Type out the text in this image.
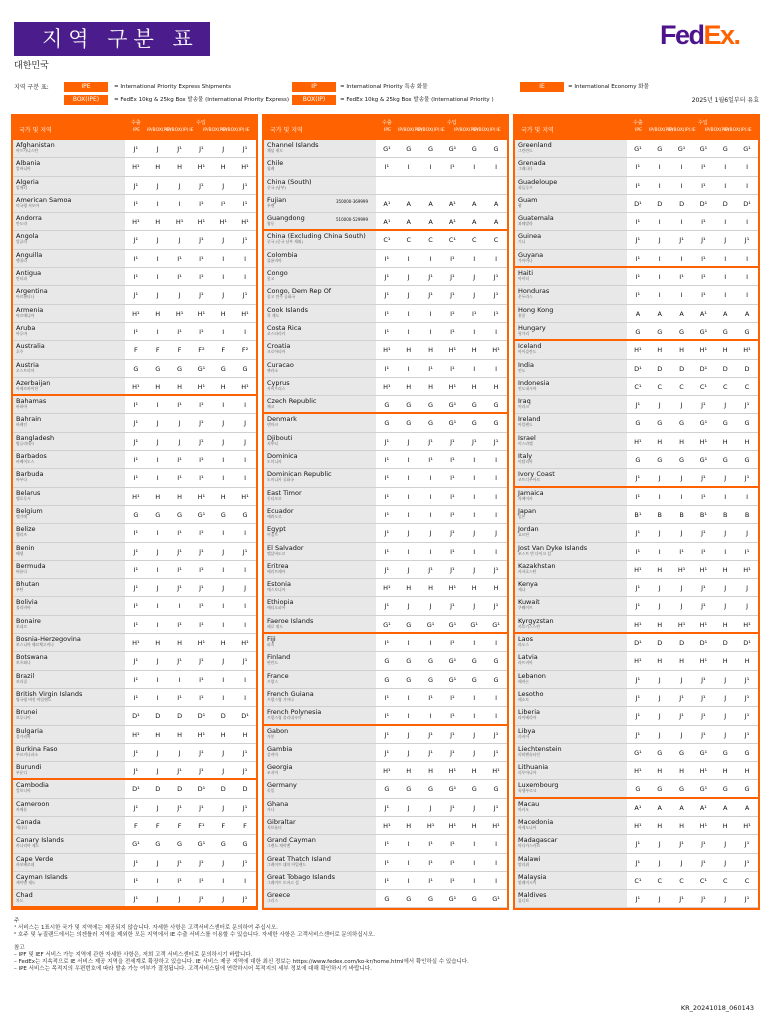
지역 구분 표	FedEx.
대한민국
지역 구분 표:	IPE	= International Priority Express Shipments
BOX(IPE)	= FedEx 10kg & 25kg Box 발송물 (International Priority Express)
IP	= International Priority 특송 화물
BOX(IP)	= FedEx 10kg & 25kg Box 발송물 (International Priority )
IE	= International Economy 화물
2025년 1월6일부터 유효
국가 및 지역
수출	수입
IPE	IP/BOX(PE)
IP/BOX(IP) IE	IP/BOX(PE)
IP/BOX(IP) IE
Afghanistan
아프가니스탄	J¹	J	J¹	J¹	J	J¹
Albania
알바니아	H¹	H	H	H¹	H	H¹
Algeria
알제리	J¹	J	J	J¹	J	J¹
American Samoa
미국령 사모아	I¹	I	I	I¹	I¹	I¹
Andorra
안도라	H¹	H	H¹	H¹	H¹	H¹
Angola
앙골라	J¹	J	J	J¹	J	J¹
Anguilla
앵귈라	I¹	I	I¹	I¹	I	I
Antigua
안티과	I¹	I	I¹	I¹	I	I
Argentina
아르헨티나	J¹	J	J	J¹	J	J¹
Armenia
아르메니아	H¹	H	H¹	H¹	H	H¹
Aruba
아루바	I¹	I	I¹	I¹	I	I
Australia
호주	F	F	F	F²	F	F²
Austria
오스트리아	G	G	G	G¹	G	G
Azerbaijan
아제르바이잔	H¹	H	H	H¹	H	H¹
Bahamas
바하마	I¹	I	I¹	I¹	I	I
Bahrain
바레인	J¹	J	J	J¹	J	J
Bangladesh
방글라데시	J¹	J	J	J¹	J	J
Barbados
바베이도스	I¹	I	I¹	I¹	I	I
Barbuda
바부다	I¹	I	I¹	I¹	I	I
Belarus
벨로루시	H¹	H	H	H¹	H	H¹
Belgium
벨기에	G	G	G	G¹	G	G
Belize
벨리즈	I¹	I	I¹	I¹	I	I
Benin
베냉	J¹	J	J¹	J¹	J	J¹
Bermuda
버뮤다	I¹	I	I¹	I¹	I	I
Bhutan
부탄	J¹	J	J¹	J¹	J	J
Bolivia
볼리비아	I¹	I	I	I¹	I	I
Bonaire
보네르	I¹	I	I¹	I¹	I	I
Bosnia-Herzegovina
보스니아 헤르체고비나	H¹	H	H	H¹	H	H¹
Botswana
보츠와나	J¹	J	J¹	J¹	J	J¹
Brazil
브라질	I¹	I	I	I¹	I	I
British Virgin Islands
영국령 버진 아일랜드	I¹	I	I¹	I¹	I	I
Brunei
브루나이	D¹	D	D	D¹	D	D¹
Bulgaria
불가리아	H¹	H	H	H¹	H	H
Burkina Faso
부르키나파소	J¹	J	J	J¹	J	J¹
Burundi
부룬디	J¹	J	J¹	J¹	J	J¹
Cambodia
캄보디아	D¹	D	D	D¹	D	D
Cameroon
카메룬	J¹	J	J¹	J¹	J	J¹
Canada
캐나다	F	F	F	F¹	F	F
Canary Islands
카나리아 제도	G¹	G	G	G¹	G	G
Cape Verde
카보베르데	J¹	J	J¹	J¹	J	J¹
Cayman Islands
케이맨 제도	I¹	I	I¹	I¹	I	I
Chad
차드	J¹	J	J	J¹	J	J¹
국가 및 지역
수출	수입
IPE	IP/BOX(PE)
IP/BOX(IP) IE	IP/BOX(PE)
IP/BOX(IP) IE
Channel Islands
채널 제도	G¹	G	G	G¹	G	G
Chile
칠레	I¹	I	I	I¹	I	I
China (South)
중국 (남부)
Fujian
푸젠
350000-369999	A¹	A	A	A¹	A	A
Guangdong
광동
510000-529999	A¹	A	A	A¹	A	A
China (Excluding China South)
중국 (중국 남부 제외)	C¹	C	C	C¹	C	C
Colombia
콜롬비아	I¹	I	I	I¹	I	I
Congo
콩고	J¹	J	J¹	J¹	J	J¹
Congo, Dem Rep Of
콩고 민주 공화국	J¹	J	J¹	J¹	J	J¹
Cook Islands
쿡 제도	I¹	I	I	I¹	I¹	I¹
Costa Rica
코스타리카	I¹	I	I	I¹	I	I
Croatia
크로아티아	H¹	H	H	H¹	H	H¹
Curacao
퀴라소	I¹	I	I¹	I¹	I	I
Cyprus
사이프러스	H¹	H	H	H¹	H	H
Czech Republic
체코	G	G	G	G¹	G	G
Denmark
덴마크	G	G	G	G¹	G	G
Djibouti
지부티	J¹	J	J¹	J¹	J¹	J¹
Dominica
도미니카	I¹	I	I¹	I¹	I	I
Dominican Republic
도미니카 공화국	I¹	I	I	I¹	I	I
East Timor
동티모르	I¹	I	I	I¹	I	I
Ecuador
에콰도르	I¹	I	I	I¹	I	I
Egypt
이집트	J¹	J	J	J¹	J	J
El Salvador
엘살바도르	I¹	I	I	I¹	I	I
Eritrea
에리트레아	J¹	J	J¹	J¹	J	J¹
Estonia
에스토니아	H¹	H	H	H¹	H	H
Ethiopia
에티오피아	J¹	J	J	J¹	J	J¹
Faeroe Islands
페로 제도	G¹	G	G¹	G¹	G¹	G¹
Fiji
피지	I¹	I	I	I¹	I	I
Finland
핀란드	G	G	G	G¹	G	G
France
프랑스	G	G	G	G¹	G	G
French Guiana
프랑스령 기아나	I¹	I	I¹	I¹	I	I
French Polynesia
프랑스령 폴리네시아	I¹	I	I	I¹	I	I
Gabon
가봉	J¹	J	J¹	J¹	J	J¹
Gambia
감비아	J¹	J	J¹	J¹	J	J¹
Georgia
조지아	H¹	H	H	H¹	H	H¹
Germany
독일	G	G	G	G¹	G	G
Ghana
가나	J¹	J	J	J¹	J	J¹
Gibraltar
지브롤터	H¹	H	H¹	H¹	H	H¹
Grand Cayman
그랜드 케이맨	I¹	I	I¹	I¹	I	I
Great Thatch Island
그레이트 대치 아일랜드	I¹	I	I¹	I¹	I	I
Great Tobago Islands
그레이트 토바고 섬	I¹	I	I¹	I¹	I	I
Greece
그리스	G	G	G	G¹	G	G¹
국가 및 지역
수출	수입
IPE	IP/BOX(PE)
IP/BOX(IP) IE	IP/BOX(PE)
IP/BOX(IP) IE
Greenland
그린란드	G¹	G	G¹	G¹	G	G¹
Grenada
그레나다	I¹	I	I	I¹	I	I
Guadeloupe
과들루프	I¹	I	I	I¹	I	I
Guam
괌	D¹	D	D	D¹	D	D¹
Guatemala
과테말라	I¹	I	I	I¹	I	I
Guinea
기니	J¹	J	J¹	J¹	J	J¹
Guyana
가이아나	I¹	I	I	I¹	I	I
Haiti
아이티	I¹	I	I¹	I¹	I	I
Honduras
온두라스	I¹	I	I	I¹	I	I
Hong Kong
홍콩	A	A	A	A¹	A	A
Hungary
헝가리	G	G	G	G¹	G	G
Iceland
아이슬란드	H¹	H	H	H¹	H	H¹
India
인도	D¹	D	D	D¹	D	D
Indonesia
인도네시아	C¹	C	C	C¹	C	C
Iraq
이라크	J¹	J	J	J¹	J	J¹
Ireland
아일랜드	G	G	G	G¹	G	G
Israel
이스라엘	H¹	H	H	H¹	H	H
Italy
이탈리아	G	G	G	G¹	G	G
Ivory Coast
코트디부아르	J¹	J	J	J¹	J	J¹
Jamaica
자메이카	I¹	I	I	I¹	I	I
Japan
일본	B¹	B	B	B¹	B	B
Jordan
요르단	J¹	J	J	J¹	J	J
Jost Van Dyke Islands
조스트 반 다이크 섬	I¹	I	I¹	I¹	I	I¹
Kazakhstan
카자흐스탄	H¹	H	H¹	H¹	H	H¹
Kenya
케냐	J¹	J	J	J¹	J	J
Kuwait
쿠웨이트	J¹	J	J	J¹	J	J
Kyrgyzstan
키르기스스탄	H¹	H	H¹	H¹	H	H¹
Laos
라오스	D¹	D	D	D¹	D	D¹
Latvia
라트비아	H¹	H	H	H¹	H	H
Lebanon
레바논	J¹	J	J	J¹	J	J¹
Lesotho
레소토	J¹	J	J¹	J¹	J	J¹
Liberia
라이베리아	J¹	J	J¹	J¹	J	J¹
Libya
리비아	J¹	J	J	J¹	J	J¹
Liechtenstein
리히텐슈타인	G¹	G	G	G¹	G	G
Lithuania
리투아니아	H¹	H	H	H¹	H	H
Luxembourg
룩셈부르크	G	G	G	G¹	G	G
Macau
마카오	A¹	A	A	A¹	A	A
Macedonia
마케도니아	H¹	H	H	H¹	H	H¹
Madagascar
마다가스카르	J¹	J	J¹	J¹	J	J¹
Malawi
말라위	J¹	J	J	J¹	J	J¹
Malaysia
말레이시아	C¹	C	C	C¹	C	C
Maldives
몰디브	J¹	J	J¹	J¹	J	J¹

주

¹ 서비스는 1표시한 국가 및 지역에는 제공되지 않습니다. 자세한 사항은 고객서비스센터로 문의하여 주십시오.

² 호주 및 뉴질랜드에서는 의겐틀러 지역을 제외한 모든 지역에서 IE 수출 서비스를 이용할 수 있습니다. 자세한 사항은 고객서비스센터로 문의하십시오.

참고

– IPF 및 IEF 서비스 가능 지역에 관한 자세한 사항은, 저희 고객 서비스센터로 문의하시기 바랍니다.

– FedEx는 지속적으로 IE 서비스 제공 지역을 전세계로 확장하고 있습니다. IE 서비스 제공 지역에 대한 최신 정보는 https://www.fedex.com/ko-kr/home.html에서 확인하실 수 있습니다.

– IPE 서비스는 목적지의 우편번호에 따라 발송 가능 여부가 결정됩니다. 고객서비스팀에 연락하시어 목적지의 세부 정보에 대해 확인하시기 바랍니다.

KR_20241018_060143
